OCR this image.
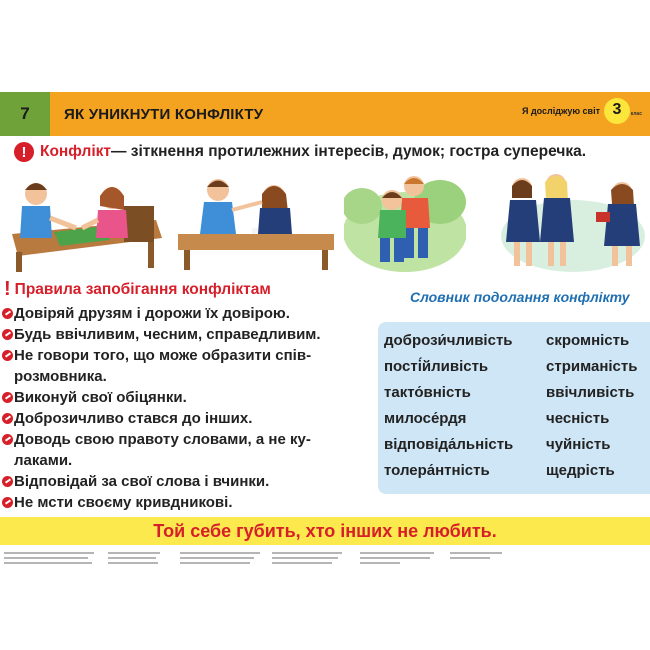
7	ЯК УНИКНУТИ КОНФЛІКТУ	Я досліджую світ 3 клас
! Конфлікт — зіткнення протилежних інтересів, думок; гостра суперечка.
! Правила запобігання конфліктам
Довіряй друзям і дорожи їх довірою.
Будь ввічливим, чесним, справедливим.
Не говори того, що може образити спів-
розмовника.
Виконуй свої обіцянки.
Доброзичливо стався до інших.
Доводь свою правоту словами, а не ку-
лаками.
Відповідай за свої слова і вчинки.
Не мсти своєму кривдникові.
Словник подолання конфлікту
добрози́чливість
пості́йливість
такто́вність
милосе́рдя
відповіда́льність
толера́нтність
скромність
стриманість
ввічливість
чесність
чуйність
щедрість
Той себе губить, хто інших не любить.
